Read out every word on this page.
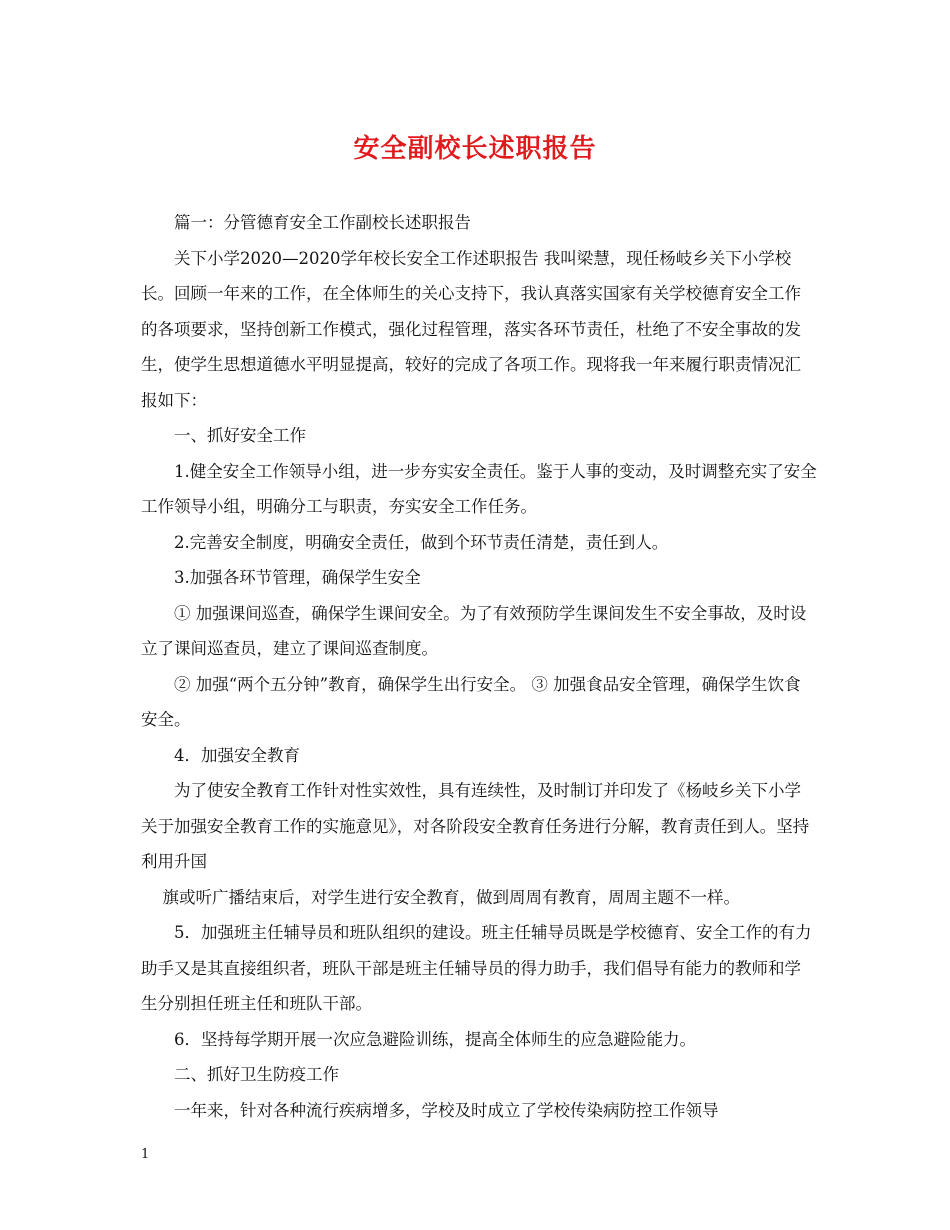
安全副校长述职报告

篇一：分管德育安全工作副校长述职报告

关下小学2020—2020学年校长安全工作述职报告 我叫梁慧，现任杨岐乡关下小学校长。回顾一年来的工作，在全体师生的关心支持下，我认真落实国家有关学校德育安全工作的各项要求，坚持创新工作模式，强化过程管理，落实各环节责任，杜绝了不安全事故的发生，使学生思想道德水平明显提高，较好的完成了各项工作。现将我一年来履行职责情况汇报如下：

一、抓好安全工作

1.健全安全工作领导小组，进一步夯实安全责任。鉴于人事的变动，及时调整充实了安全工作领导小组，明确分工与职责，夯实安全工作任务。

2.完善安全制度，明确安全责任，做到个环节责任清楚，责任到人。

3.加强各环节管理，确保学生安全

① 加强课间巡查，确保学生课间安全。为了有效预防学生课间发生不安全事故，及时设立了课间巡查员，建立了课间巡查制度。

② 加强“两个五分钟”教育，确保学生出行安全。 ③ 加强食品安全管理，确保学生饮食安全。

4．加强安全教育

为了使安全教育工作针对性实效性，具有连续性，及时制订并印发了《杨岐乡关下小学关于加强安全教育工作的实施意见》，对各阶段安全教育任务进行分解，教育责任到人。坚持利用升国

旗或听广播结束后，对学生进行安全教育，做到周周有教育，周周主题不一样。

5．加强班主任辅导员和班队组织的建设。班主任辅导员既是学校德育、安全工作的有力助手又是其直接组织者，班队干部是班主任辅导员的得力助手，我们倡导有能力的教师和学生分别担任班主任和班队干部。

6．坚持每学期开展一次应急避险训练，提高全体师生的应急避险能力。

二、抓好卫生防疫工作

一年来，针对各种流行疾病增多，学校及时成立了学校传染病防控工作领导

1
